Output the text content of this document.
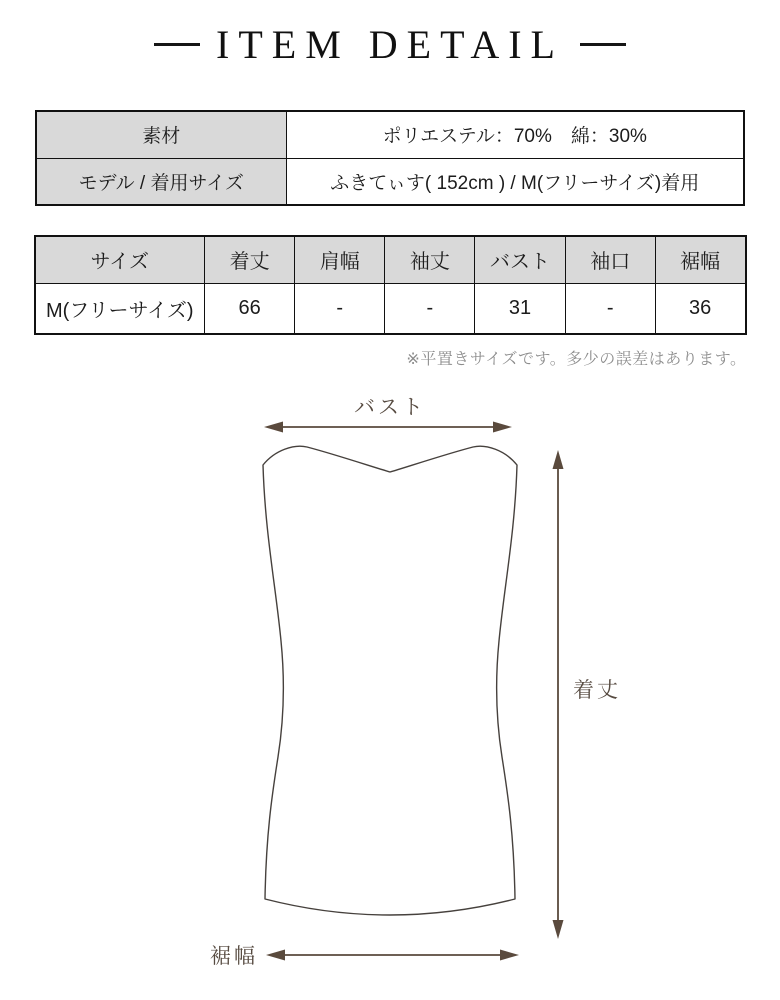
ITEM DETAIL
素材	ポリエステル：70%　綿：30%
モデル / 着用サイズ	ふきてぃす( 152cm ) / M(フリーサイズ)着用
サイズ	着丈	肩幅	袖丈	バスト	袖口	裾幅
M(フリーサイズ)	66	-	-	31	-	36
※平置きサイズです。多少の誤差はあります。
バスト
着丈
裾幅
